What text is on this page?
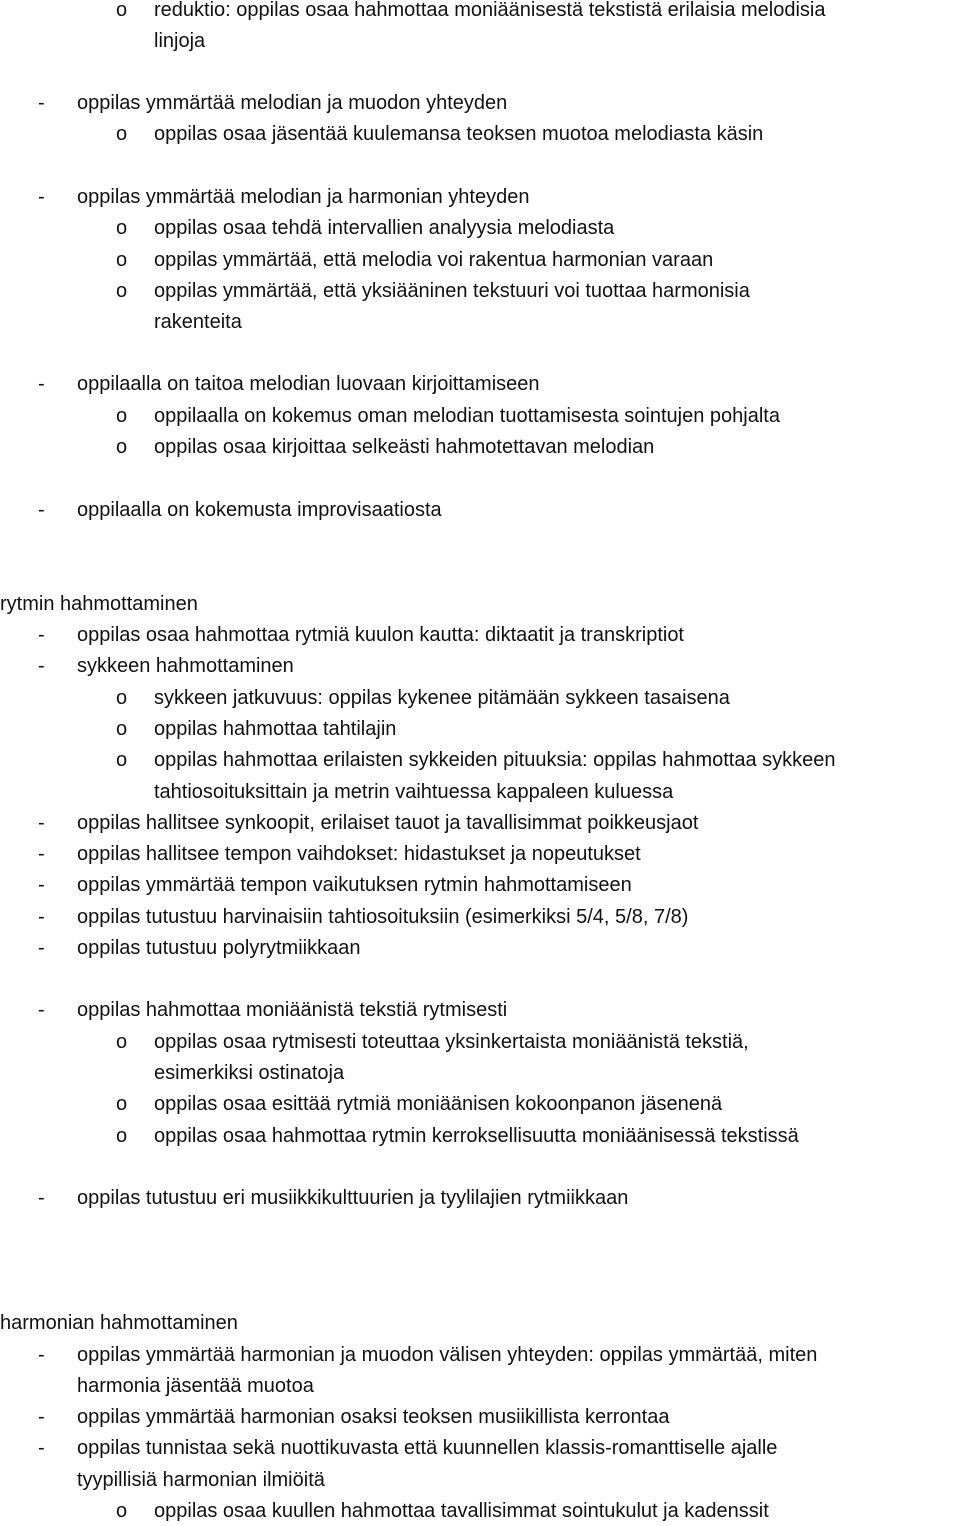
o reduktio: oppilas osaa hahmottaa moniäänisestä tekstistä erilaisia melodisia
linjoja
- oppilas ymmärtää melodian ja muodon yhteyden
o oppilas osaa jäsentää kuulemansa teoksen muotoa melodiasta käsin
- oppilas ymmärtää melodian ja harmonian yhteyden
o oppilas osaa tehdä intervallien analyysia melodiasta
o oppilas ymmärtää, että melodia voi rakentua harmonian varaan
o oppilas ymmärtää, että yksiääninen tekstuuri voi tuottaa harmonisia
rakenteita
- oppilaalla on taitoa melodian luovaan kirjoittamiseen
o oppilaalla on kokemus oman melodian tuottamisesta sointujen pohjalta
o oppilas osaa kirjoittaa selkeästi hahmotettavan melodian
- oppilaalla on kokemusta improvisaatiosta
rytmin hahmottaminen
- oppilas osaa hahmottaa rytmiä kuulon kautta: diktaatit ja transkriptiot
- sykkeen hahmottaminen
o sykkeen jatkuvuus: oppilas kykenee pitämään sykkeen tasaisena
o oppilas hahmottaa tahtilajin
o oppilas hahmottaa erilaisten sykkeiden pituuksia: oppilas hahmottaa sykkeen
tahtiosoituksittain ja metrin vaihtuessa kappaleen kuluessa
- oppilas hallitsee synkoopit, erilaiset tauot ja tavallisimmat poikkeusjaot
- oppilas hallitsee tempon vaihdokset: hidastukset ja nopeutukset
- oppilas ymmärtää tempon vaikutuksen rytmin hahmottamiseen
- oppilas tutustuu harvinaisiin tahtiosoituksiin (esimerkiksi 5/4, 5/8, 7/8)
- oppilas tutustuu polyrytmiikkaan
- oppilas hahmottaa moniäänistä tekstiä rytmisesti
o oppilas osaa rytmisesti toteuttaa yksinkertaista moniäänistä tekstiä,
esimerkiksi ostinatoja
o oppilas osaa esittää rytmiä moniäänisen kokoonpanon jäsenenä
o oppilas osaa hahmottaa rytmin kerroksellisuutta moniäänisessä tekstissä
- oppilas tutustuu eri musiikkikulttuurien ja tyylilajien rytmiikkaan
harmonian hahmottaminen
- oppilas ymmärtää harmonian ja muodon välisen yhteyden: oppilas ymmärtää, miten
harmonia jäsentää muotoa
- oppilas ymmärtää harmonian osaksi teoksen musiikillista kerrontaa
- oppilas tunnistaa sekä nuottikuvasta että kuunnellen klassis-romanttiselle ajalle
tyypillisiä harmonian ilmiöitä
o oppilas osaa kuullen hahmottaa tavallisimmat sointukulut ja kadenssit
